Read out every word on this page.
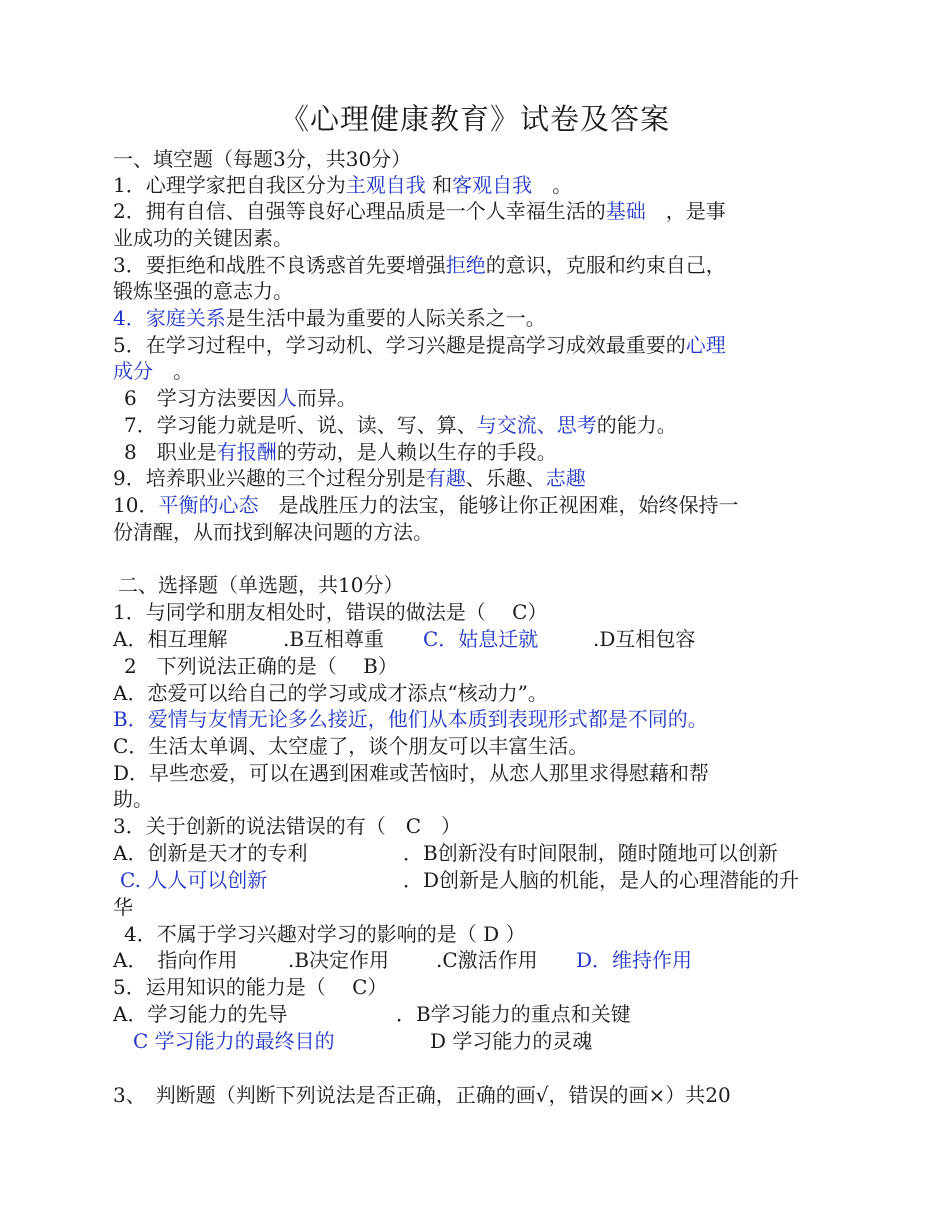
《心理健康教育》试卷及答案
一、填空题（每题3分，共30分）
1．心理学家把自我区分为主观自我 和客观自我　。
2．拥有自信、自强等良好心理品质是一个人幸福生活的基础　，是事
业成功的关键因素。
3．要拒绝和战胜不良诱惑首先要增强拒绝的意识，克服和约束自己，
锻炼坚强的意志力。
4．家庭关系是生活中最为重要的人际关系之一。
5．在学习过程中，学习动机、学习兴趣是提高学习成效最重要的心理
成分　。
6　学习方法要因人而异。
7．学习能力就是听、说、读、写、算、与交流、思考的能力。
8　职业是有报酬的劳动，是人赖以生存的手段。
9．培养职业兴趣的三个过程分别是有趣、乐趣、志趣
10．平衡的心态　是战胜压力的法宝，能够让你正视困难，始终保持一
份清醒，从而找到解决问题的方法。
二、选择题（单选题，共10分）
1．与同学和朋友相处时，错误的做法是（　 C）
A．相互理解	.B互相尊重 C．姑息迁就	.D互相包容
2　下列说法正确的是（　 B）
A．恋爱可以给自己的学习或成才添点“核动力”。
B．爱情与友情无论多么接近，他们从本质到表现形式都是不同的。
C．生活太单调、太空虚了，谈个朋友可以丰富生活。
D．早些恋爱，可以在遇到困难或苦恼时，从恋人那里求得慰藉和帮
助。
3．关于创新的说法错误的有（　C　）
A．创新是天才的专利	．B创新没有时间限制，随时随地可以创新
C. 人人可以创新	．D创新是人脑的机能，是人的心理潜能的升
华
4．不属于学习兴趣对学习的影响的是（ D ）
A．　指向作用	.B决定作用 .C激活作用 D．维持作用
5．运用知识的能力是（　 C）
A．学习能力的先导	．B学习能力的重点和关键
C 学习能力的最终目的	D 学习能力的灵魂
3、　判断题（判断下列说法是否正确，正确的画√，错误的画×）共20
